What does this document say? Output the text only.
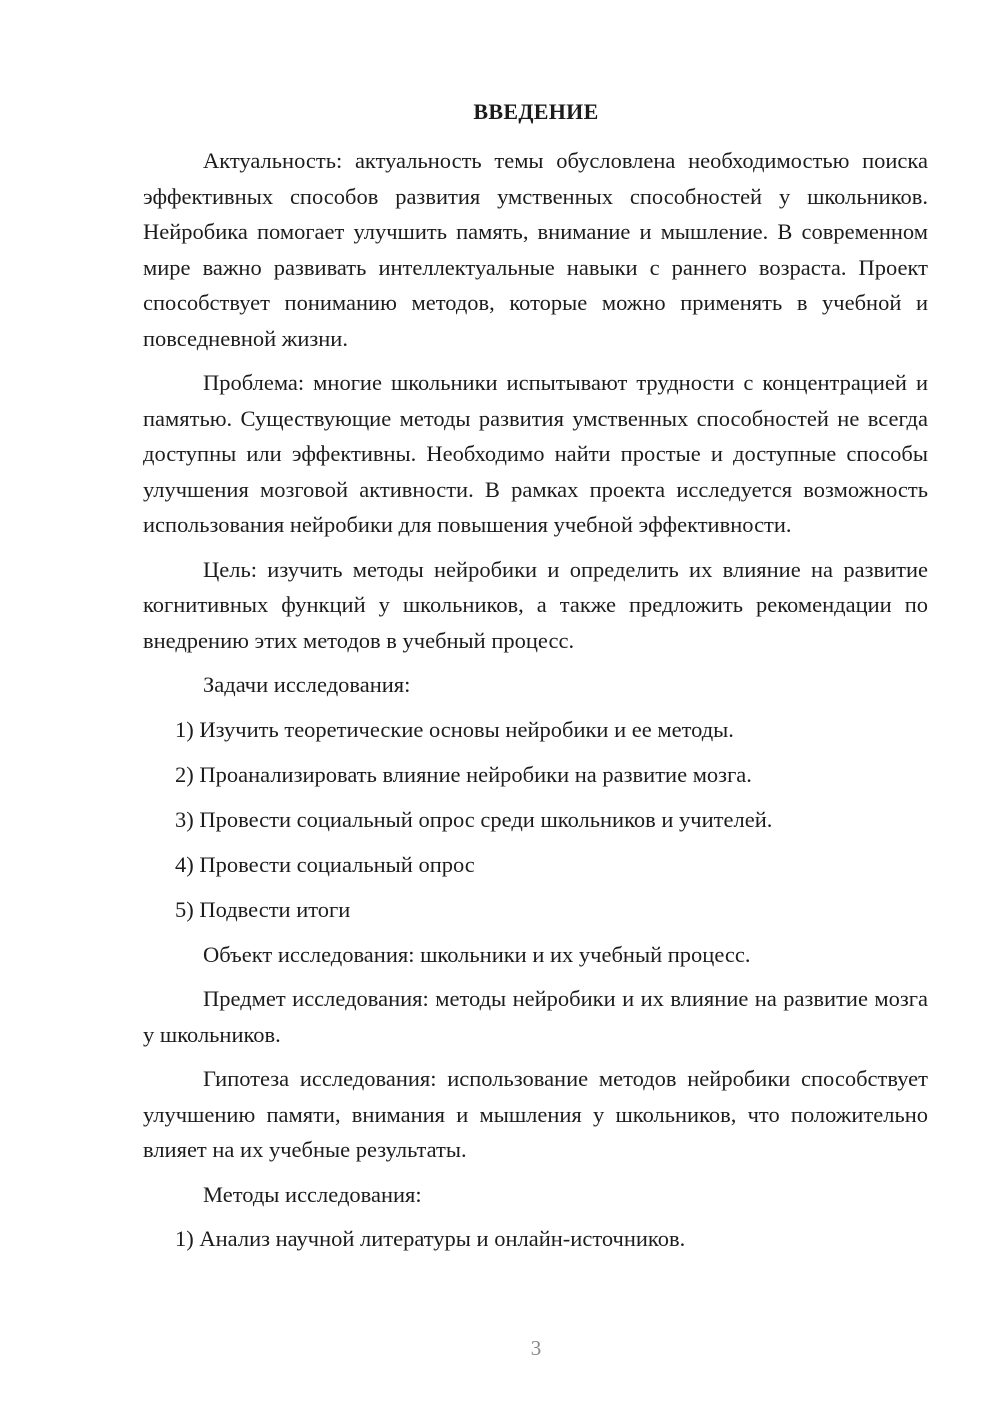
ВВЕДЕНИЕ

Актуальность: актуальность темы обусловлена необходимостью поиска эффективных способов развития умственных способностей у школьников. Нейробика помогает улучшить память, внимание и мышление. В современном мире важно развивать интеллектуальные навыки с раннего возраста. Проект способствует пониманию методов, которые можно применять в учебной и повседневной жизни.

Проблема: многие школьники испытывают трудности с концентрацией и памятью. Существующие методы развития умственных способностей не всегда доступны или эффективны. Необходимо найти простые и доступные способы улучшения мозговой активности. В рамках проекта исследуется возможность использования нейробики для повышения учебной эффективности.

Цель: изучить методы нейробики и определить их влияние на развитие когнитивных функций у школьников, а также предложить рекомендации по внедрению этих методов в учебный процесс.

Задачи исследования:

1) Изучить теоретические основы нейробики и ее методы.
2) Проанализировать влияние нейробики на развитие мозга.
3) Провести социальный опрос среди школьников и учителей.
4) Провести социальный опрос
5) Подвести итоги

Объект исследования: школьники и их учебный процесс.

Предмет исследования: методы нейробики и их влияние на развитие мозга у школьников.

Гипотеза исследования: использование методов нейробики способствует улучшению памяти, внимания и мышления у школьников, что положительно влияет на их учебные результаты.

Методы исследования:

1) Анализ научной литературы и онлайн-источников.
3
